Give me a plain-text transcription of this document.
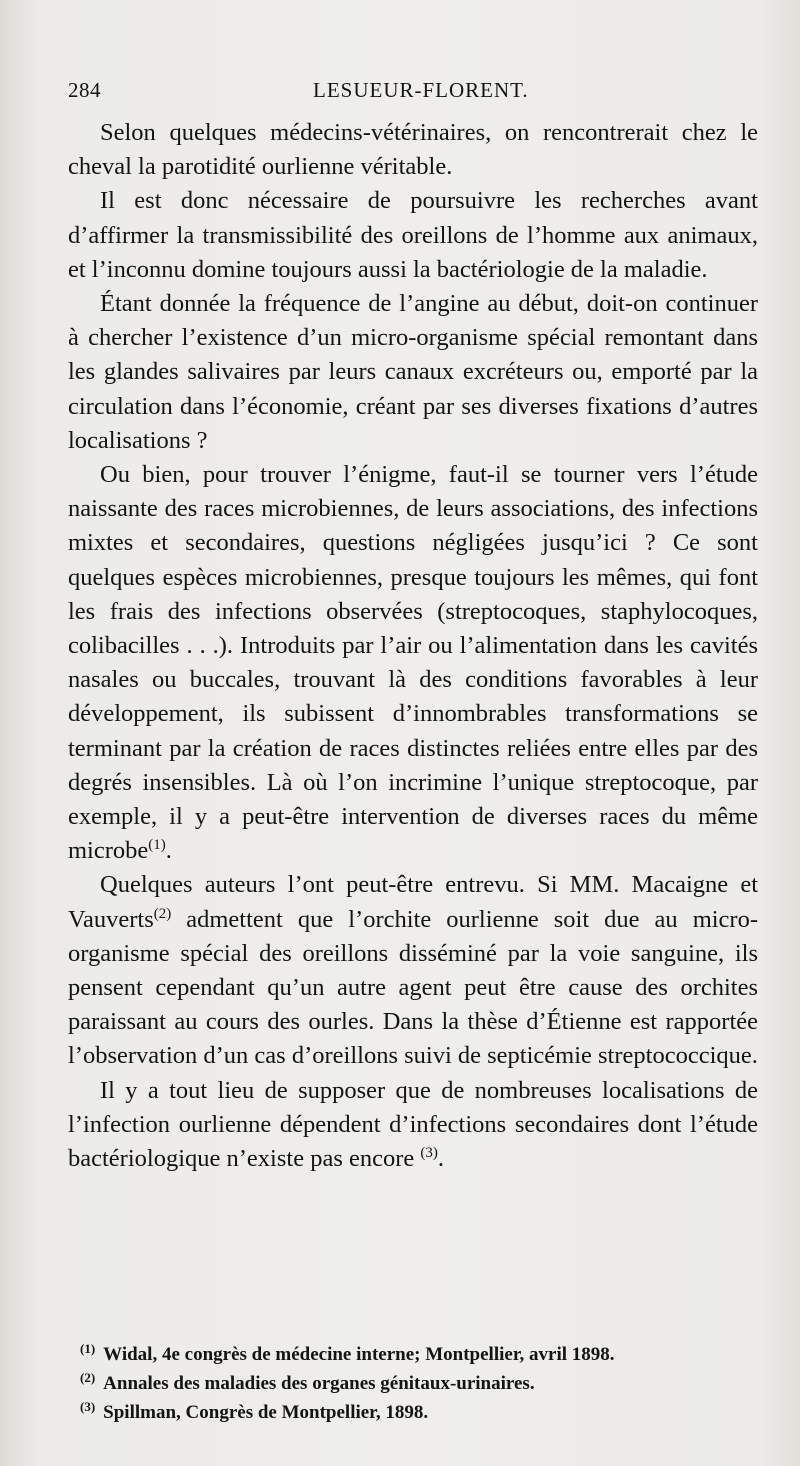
284	LESUEUR-FLORENT.

Selon quelques médecins-vétérinaires, on rencontrerait chez le cheval la parotidité ourlienne véritable.

Il est donc nécessaire de poursuivre les recherches avant d’affirmer la transmissibilité des oreillons de l’homme aux animaux, et l’inconnu domine toujours aussi la bactériologie de la maladie.

Étant donnée la fréquence de l’angine au début, doit-on continuer à chercher l’existence d’un micro-organisme spécial remontant dans les glandes salivaires par leurs canaux excréteurs ou, emporté par la circulation dans l’économie, créant par ses diverses fixations d’autres localisations ?

Ou bien, pour trouver l’énigme, faut-il se tourner vers l’étude naissante des races microbiennes, de leurs associations, des infections mixtes et secondaires, questions négligées jusqu’ici ? Ce sont quelques espèces microbiennes, presque toujours les mêmes, qui font les frais des infections observées (streptocoques, staphylocoques, colibacilles . . .). Introduits par l’air ou l’alimentation dans les cavités nasales ou buccales, trouvant là des conditions favorables à leur développement, ils subissent d’innombrables transformations se terminant par la création de races distinctes reliées entre elles par des degrés insensibles. Là où l’on incrimine l’unique streptocoque, par exemple, il y a peut-être intervention de diverses races du même microbe$^{(1)}$.

Quelques auteurs l’ont peut-être entrevu. Si MM. Macaigne et Vauverts$^{(2)}$ admettent que l’orchite ourlienne soit due au micro-organisme spécial des oreillons disséminé par la voie sanguine, ils pensent cependant qu’un autre agent peut être cause des orchites paraissant au cours des ourles. Dans la thèse d’Étienne est rapportée l’observation d’un cas d’oreillons suivi de septicémie streptococcique.

Il y a tout lieu de supposer que de nombreuses localisations de l’infection ourlienne dépendent d’infections secondaires dont l’étude bactériologique n’existe pas encore $^{(3)}$.

$^{(1)}$ Widal, 4e congrès de médecine interne; Montpellier, avril 1898.

$^{(2)}$ Annales des maladies des organes génitaux-urinaires.

$^{(3)}$ Spillman, Congrès de Montpellier, 1898.
